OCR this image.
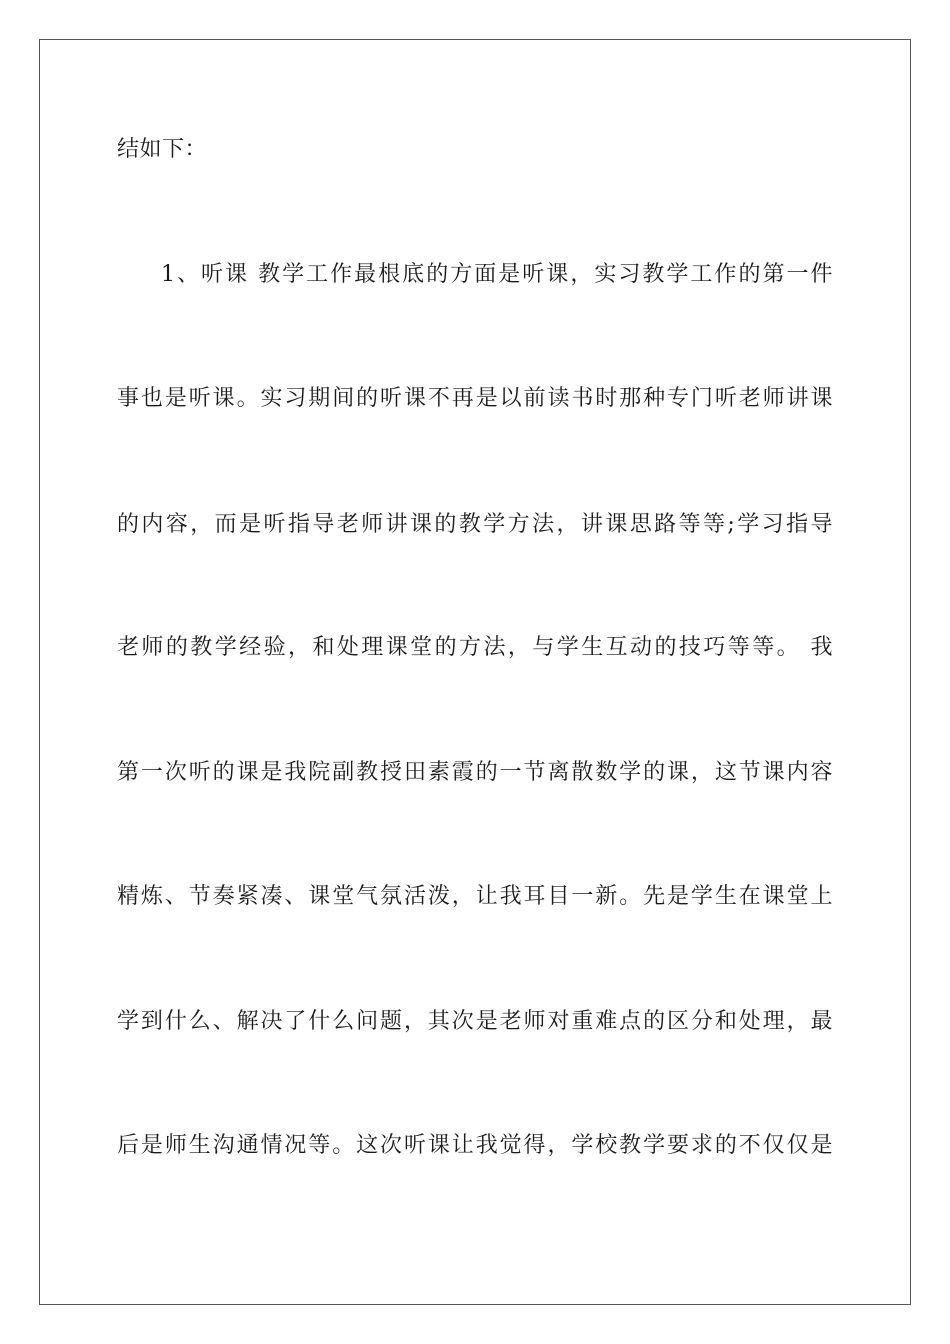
结如下：
1、听课 教学工作最根底的方面是听课，实习教学工作的第一件
事也是听课。实习期间的听课不再是以前读书时那种专门听老师讲课
的内容，而是听指导老师讲课的教学方法，讲课思路等等;学习指导
老师的教学经验，和处理课堂的方法，与学生互动的技巧等等。 我
第一次听的课是我院副教授田素霞的一节离散数学的课，这节课内容
精炼、节奏紧凑、课堂气氛活泼，让我耳目一新。先是学生在课堂上
学到什么、解决了什么问题，其次是老师对重难点的区分和处理，最
后是师生沟通情况等。这次听课让我觉得，学校教学要求的不仅仅是
